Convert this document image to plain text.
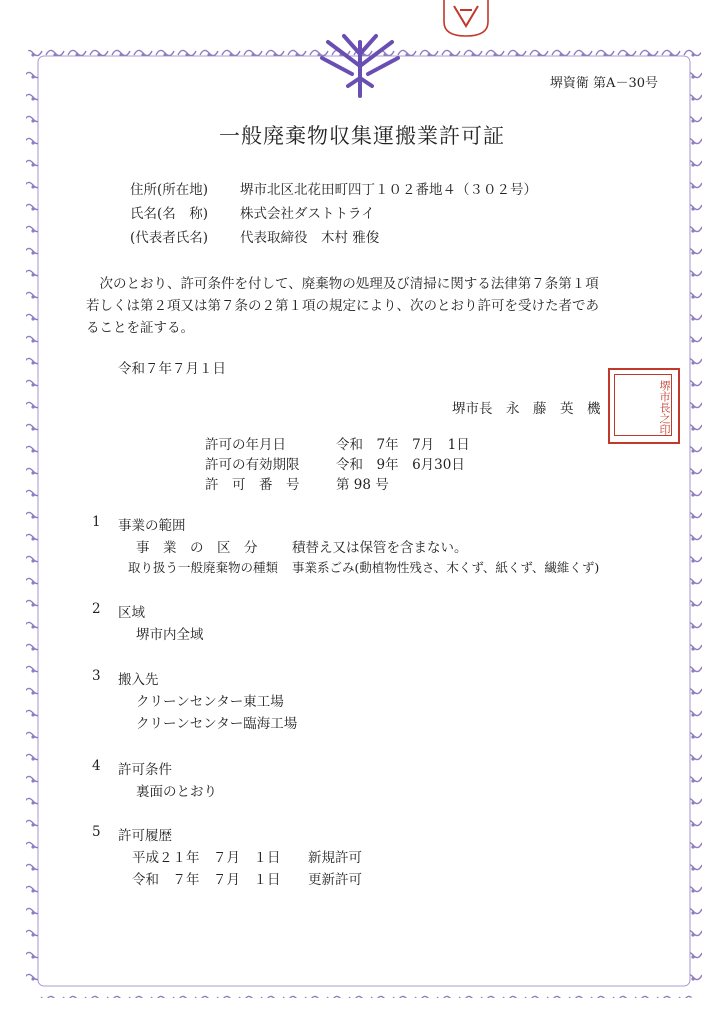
堺資衛 第A－30号
一般廃棄物収集運搬業許可証
住所(所在地) 堺市北区北花田町四丁１０２番地４（３０２号）
氏名(名　称) 株式会社ダストトライ
(代表者氏名) 代表取締役　木村 雅俊
　次のとおり、許可条件を付して、廃棄物の処理及び清掃に関する法律第７条第１項
若しくは第２項又は第７条の２第１項の規定により、次のとおり許可を受けた者であ
ることを証する。
令和７年７月１日
堺市長　永　藤　英　機	堺市長之印
許可の年月日	令和　7年　7月　1日
許可の有効期限	令和　9年　6月30日
許　可　番　号	第 98 号
1 事業の範囲
事　業　の　区　分	積替え又は保管を含まない。
取り扱う一般廃棄物の種類 事業系ごみ(動植物性残さ、木くず、紙くず、繊維くず)
2 区域
堺市内全域
3 搬入先
クリーンセンター東工場
クリーンセンター臨海工場
4 許可条件
裏面のとおり
5 許可履歴
平成２１年　７月　１日 新規許可
令和　７年　７月　１日 更新許可
